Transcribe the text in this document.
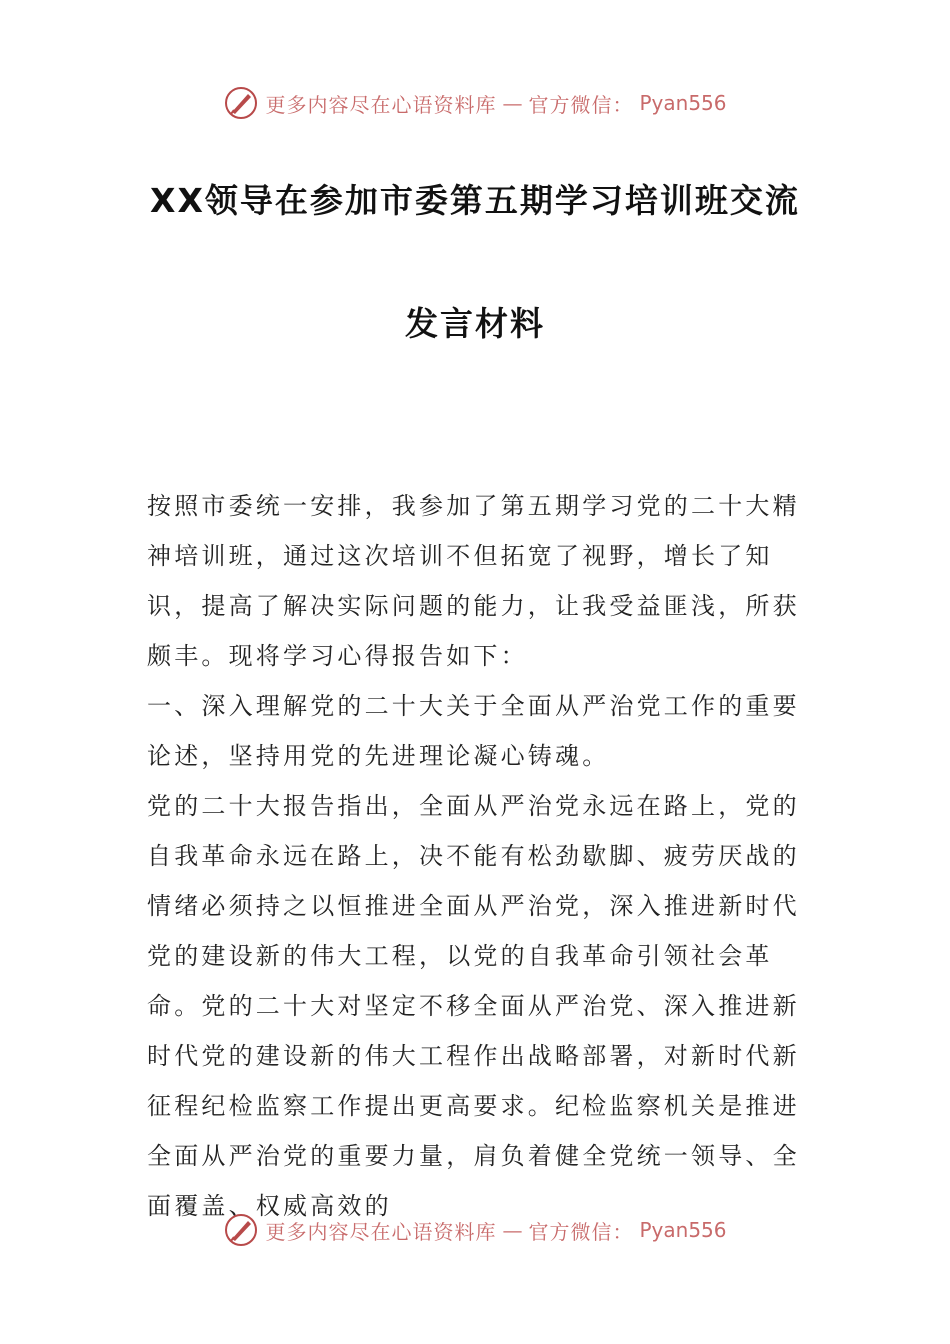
更多内容尽在心语资料库 — 官方微信： Pyan556
XX领导在参加市委第五期学习培训班交流
发言材料

按照市委统一安排，我参加了第五期学习党的二十大精神培训班，通过这次培训不但拓宽了视野，增长了知识，提高了解决实际问题的能力，让我受益匪浅，所获颇丰。现将学习心得报告如下：

一、深入理解党的二十大关于全面从严治党工作的重要论述，坚持用党的先进理论凝心铸魂。

党的二十大报告指出，全面从严治党永远在路上，党的自我革命永远在路上，决不能有松劲歇脚、疲劳厌战的情绪必须持之以恒推进全面从严治党，深入推进新时代党的建设新的伟大工程，以党的自我革命引领社会革命。党的二十大对坚定不移全面从严治党、深入推进新时代党的建设新的伟大工程作出战略部署，对新时代新征程纪检监察工作提出更高要求。纪检监察机关是推进全面从严治党的重要力量，肩负着健全党统一领导、全面覆盖、权威高效的

更多内容尽在心语资料库 — 官方微信： Pyan556
